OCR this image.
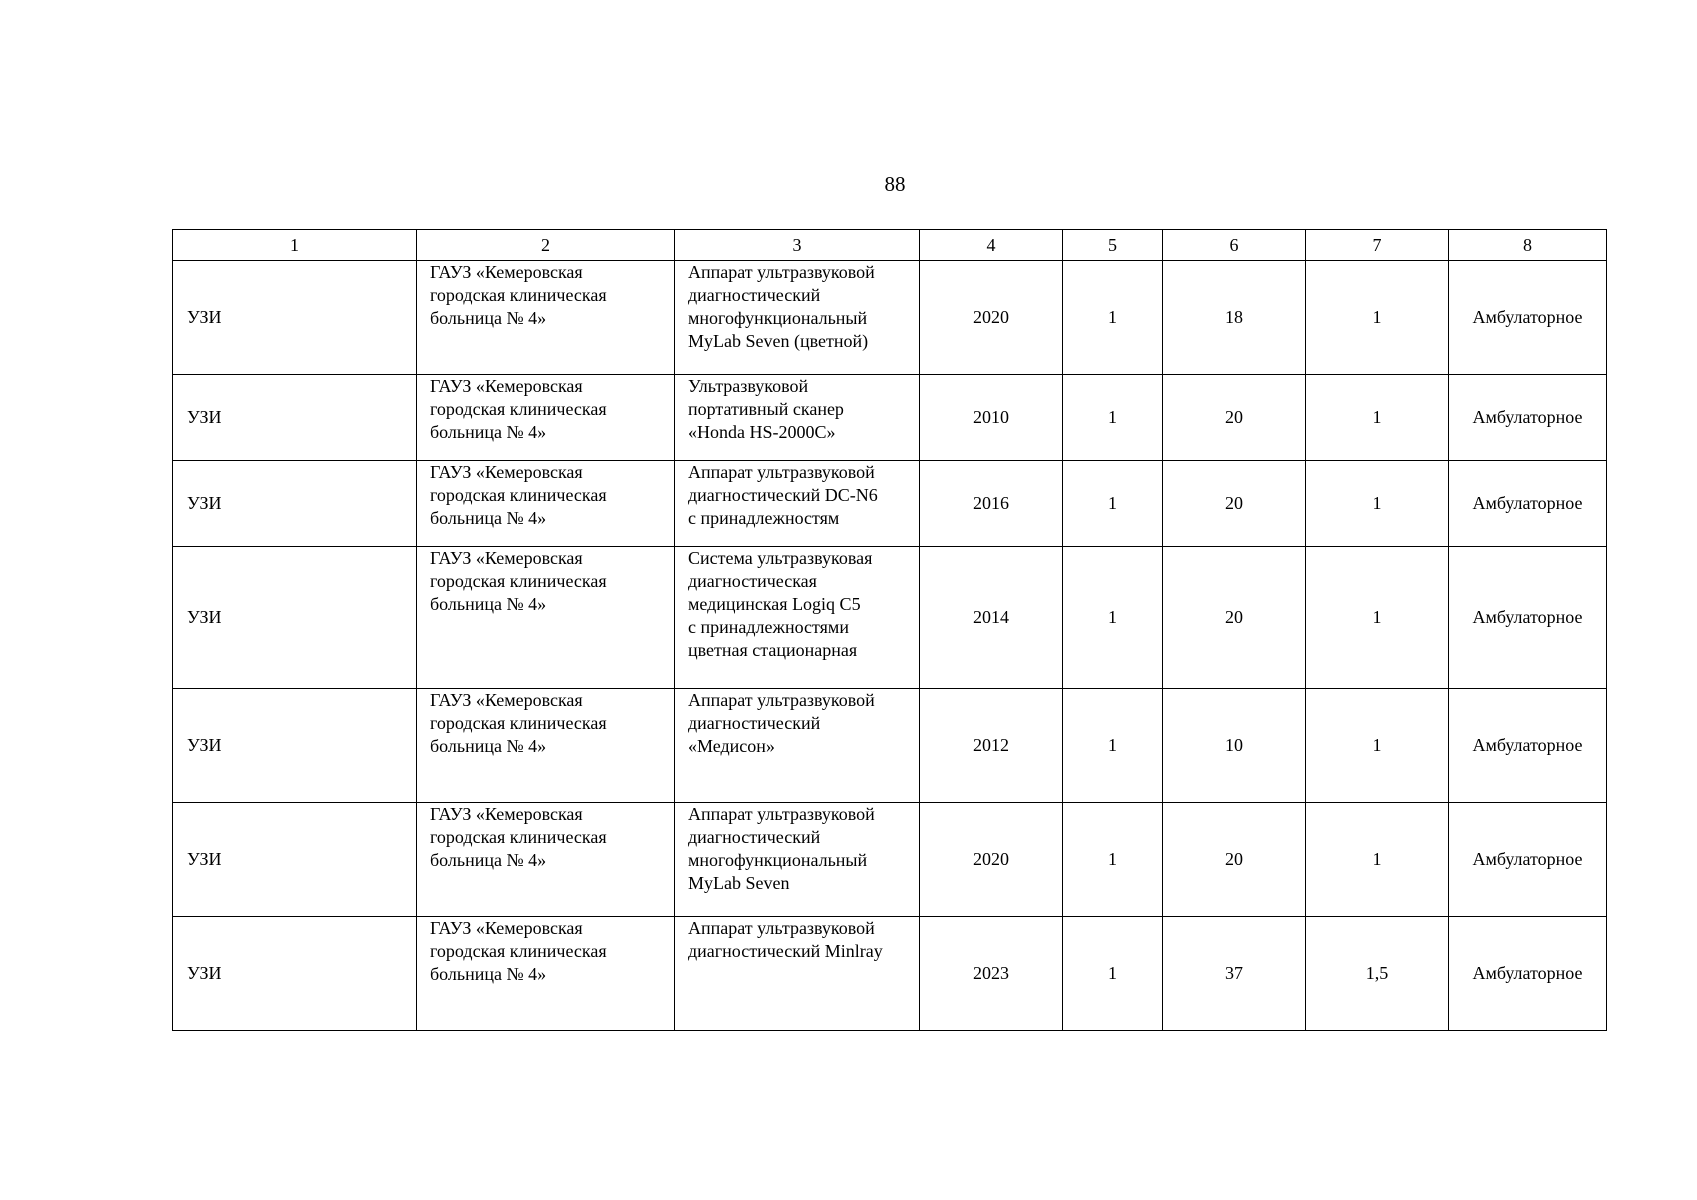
88
1	2	3	4	5	6	7	8
УЗИ	ГАУЗ «Кемеровская
городская клиническая
больница № 4»	Аппарат ультразвуковой
диагностический
многофункциональный
MyLab Seven (цветной)	2020	1	18	1	Амбулаторное
УЗИ	ГАУЗ «Кемеровская
городская клиническая
больница № 4»	Ультразвуковой
портативный сканер
«Honda HS-2000C»	2010	1	20	1	Амбулаторное
УЗИ	ГАУЗ «Кемеровская
городская клиническая
больница № 4»	Аппарат ультразвуковой
диагностический DC-N6
с принадлежностям	2016	1	20	1	Амбулаторное
УЗИ	ГАУЗ «Кемеровская
городская клиническая
больница № 4»	Система ультразвуковая
диагностическая
медицинская Logiq C5
с принадлежностями
цветная стационарная	2014	1	20	1	Амбулаторное
УЗИ	ГАУЗ «Кемеровская
городская клиническая
больница № 4»	Аппарат ультразвуковой
диагностический
«Медисон»	2012	1	10	1	Амбулаторное
УЗИ	ГАУЗ «Кемеровская
городская клиническая
больница № 4»	Аппарат ультразвуковой
диагностический
многофункциональный
MyLab Seven	2020	1	20	1	Амбулаторное
УЗИ	ГАУЗ «Кемеровская
городская клиническая
больница № 4»	Аппарат ультразвуковой
диагностический Minlray	2023	1	37	1,5	Амбулаторное
